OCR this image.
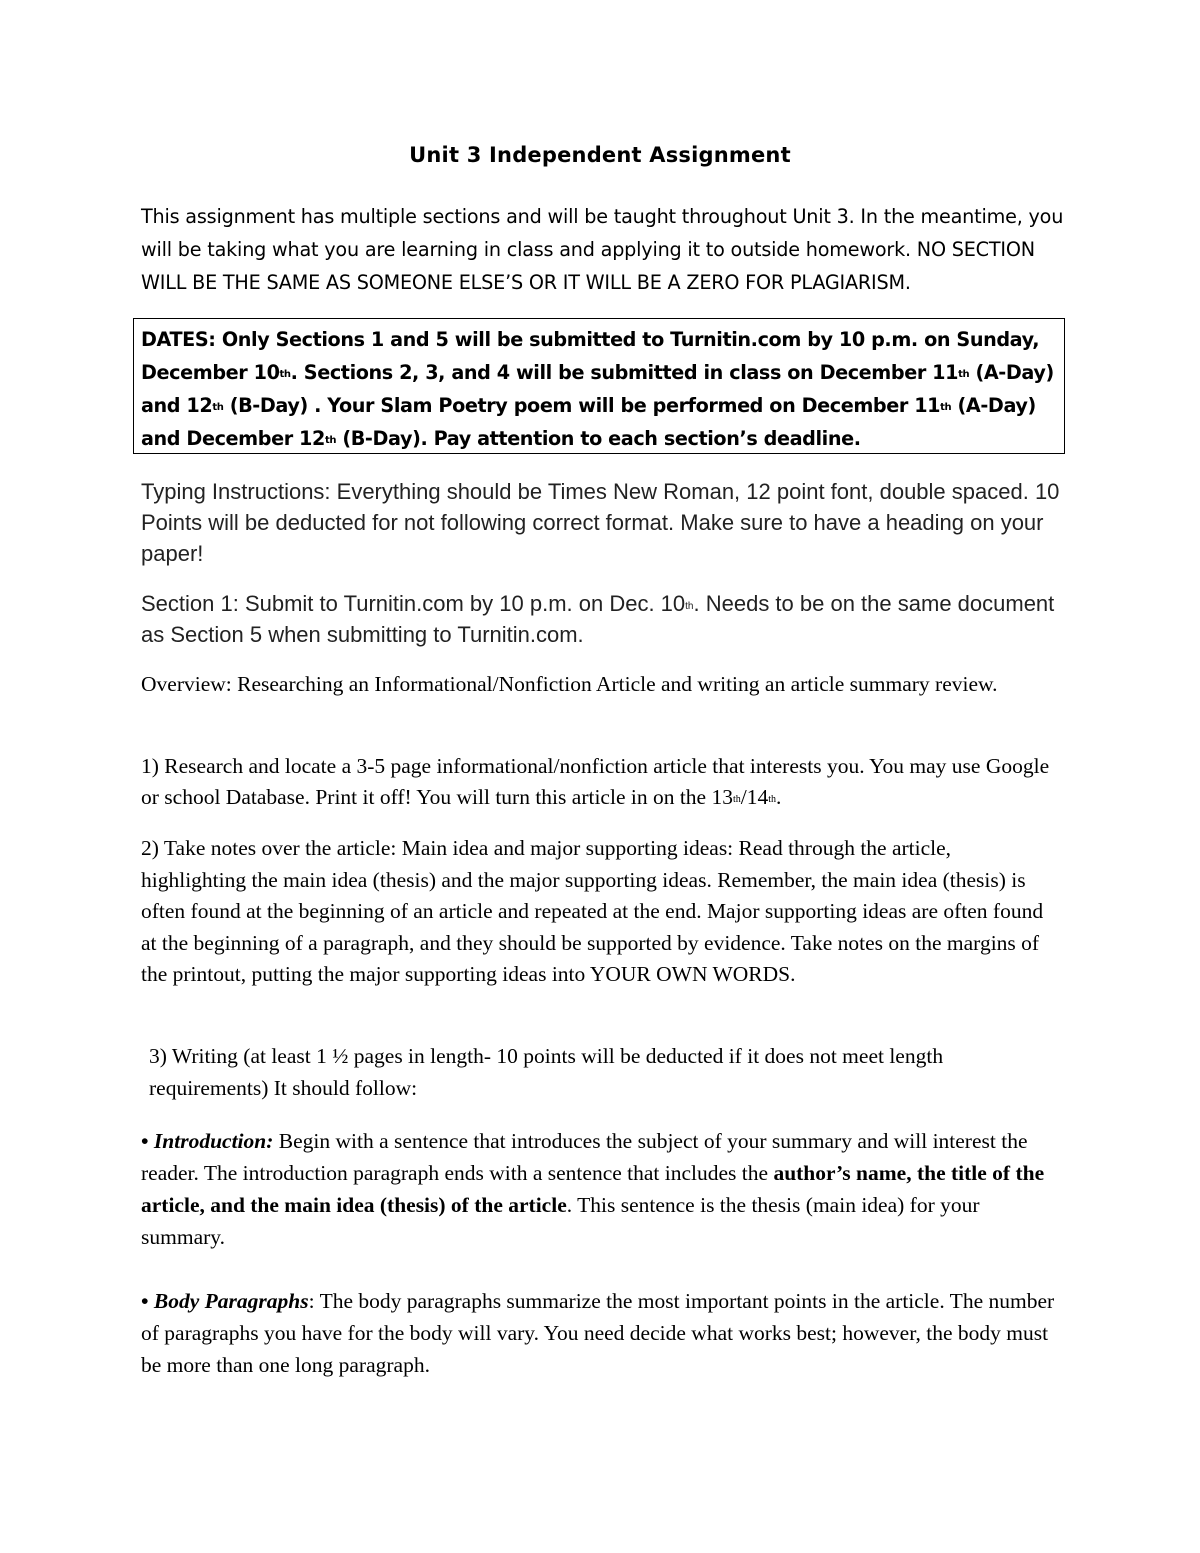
Unit 3 Independent Assignment
This assignment has multiple sections and will be taught throughout Unit 3. In the meantime, you will be taking what you are learning in class and applying it to outside homework. NO SECTION WILL BE THE SAME AS SOMEONE ELSE’S OR IT WILL BE A ZERO FOR PLAGIARISM.
DATES: Only Sections 1 and 5 will be submitted to Turnitin.com by 10 p.m. on Sunday, December 10th. Sections 2, 3, and 4 will be submitted in class on December 11th (A-Day) and 12th (B-Day) . Your Slam Poetry poem will be performed on December 11th (A-Day) and December 12th (B-Day). Pay attention to each section’s deadline.
Typing Instructions: Everything should be Times New Roman, 12 point font, double spaced. 10 Points will be deducted for not following correct format. Make sure to have a heading on your paper!
Section 1: Submit to Turnitin.com by 10 p.m. on Dec. 10th. Needs to be on the same document as Section 5 when submitting to Turnitin.com.
Overview: Researching an Informational/Nonfiction Article and writing an article summary review.
1) Research and locate a 3-5 page informational/nonfiction article that interests you. You may use Google or school Database. Print it off! You will turn this article in on the 13th/14th.
2) Take notes over the article: Main idea and major supporting ideas: Read through the article, highlighting the main idea (thesis) and the major supporting ideas. Remember, the main idea (thesis) is often found at the beginning of an article and repeated at the end. Major supporting ideas are often found at the beginning of a paragraph, and they should be supported by evidence. Take notes on the margins of the printout, putting the major supporting ideas into YOUR OWN WORDS.
3) Writing (at least 1 ½ pages in length- 10 points will be deducted if it does not meet length requirements) It should follow:
• Introduction: Begin with a sentence that introduces the subject of your summary and will interest the reader. The introduction paragraph ends with a sentence that includes the author’s name, the title of the article, and the main idea (thesis) of the article. This sentence is the thesis (main idea) for your summary.
• Body Paragraphs: The body paragraphs summarize the most important points in the article. The number of paragraphs you have for the body will vary. You need decide what works best; however, the body must be more than one long paragraph.
